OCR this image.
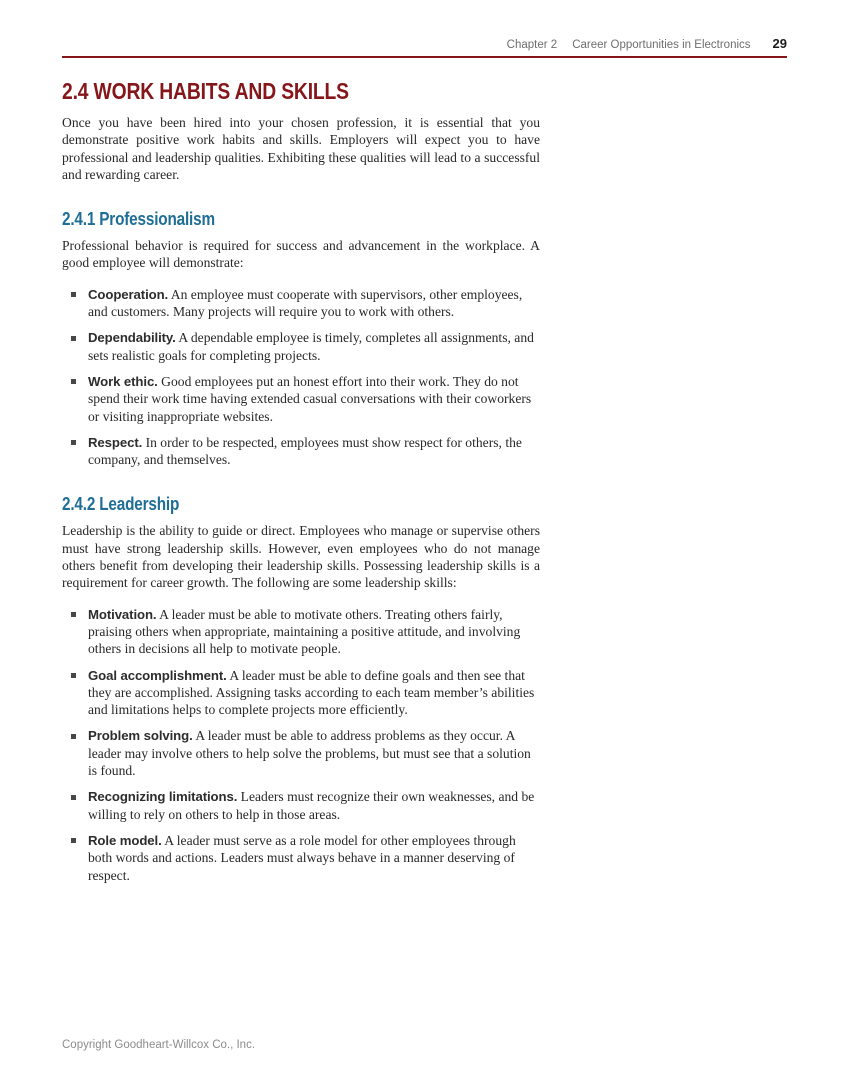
Chapter 2 Career Opportunities in Electronics 29
2.4 WORK HABITS AND SKILLS

Once you have been hired into your chosen profession, it is essential that you demonstrate positive work habits and skills. Employers will expect you to have professional and leadership qualities. Exhibiting these qualities will lead to a successful and rewarding career.

2.4.1 Professionalism

Professional behavior is required for success and advancement in the workplace. A good employee will demonstrate:

Cooperation. An employee must cooperate with supervisors, other employees, and customers. Many projects will require you to work with others.
Dependability. A dependable employee is timely, completes all assignments, and sets realistic goals for completing projects.
Work ethic. Good employees put an honest effort into their work. They do not spend their work time having extended casual conversations with their coworkers or visiting inappropriate websites.
Respect. In order to be respected, employees must show respect for others, the company, and themselves.
2.4.2 Leadership

Leadership is the ability to guide or direct. Employees who manage or supervise others must have strong leadership skills. However, even employees who do not manage others benefit from developing their leadership skills. Possessing leadership skills is a requirement for career growth. The following are some leadership skills:

Motivation. A leader must be able to motivate others. Treating others fairly, praising others when appropriate, maintaining a positive attitude, and involving others in decisions all help to motivate people.
Goal accomplishment. A leader must be able to define goals and then see that they are accomplished. Assigning tasks according to each team member’s abilities and limitations helps to complete projects more efficiently.
Problem solving. A leader must be able to address problems as they occur. A leader may involve others to help solve the problems, but must see that a solution is found.
Recognizing limitations. Leaders must recognize their own weaknesses, and be willing to rely on others to help in those areas.
Role model. A leader must serve as a role model for other employees through both words and actions. Leaders must always behave in a manner deserving of respect.
Copyright Goodheart-Willcox Co., Inc.
